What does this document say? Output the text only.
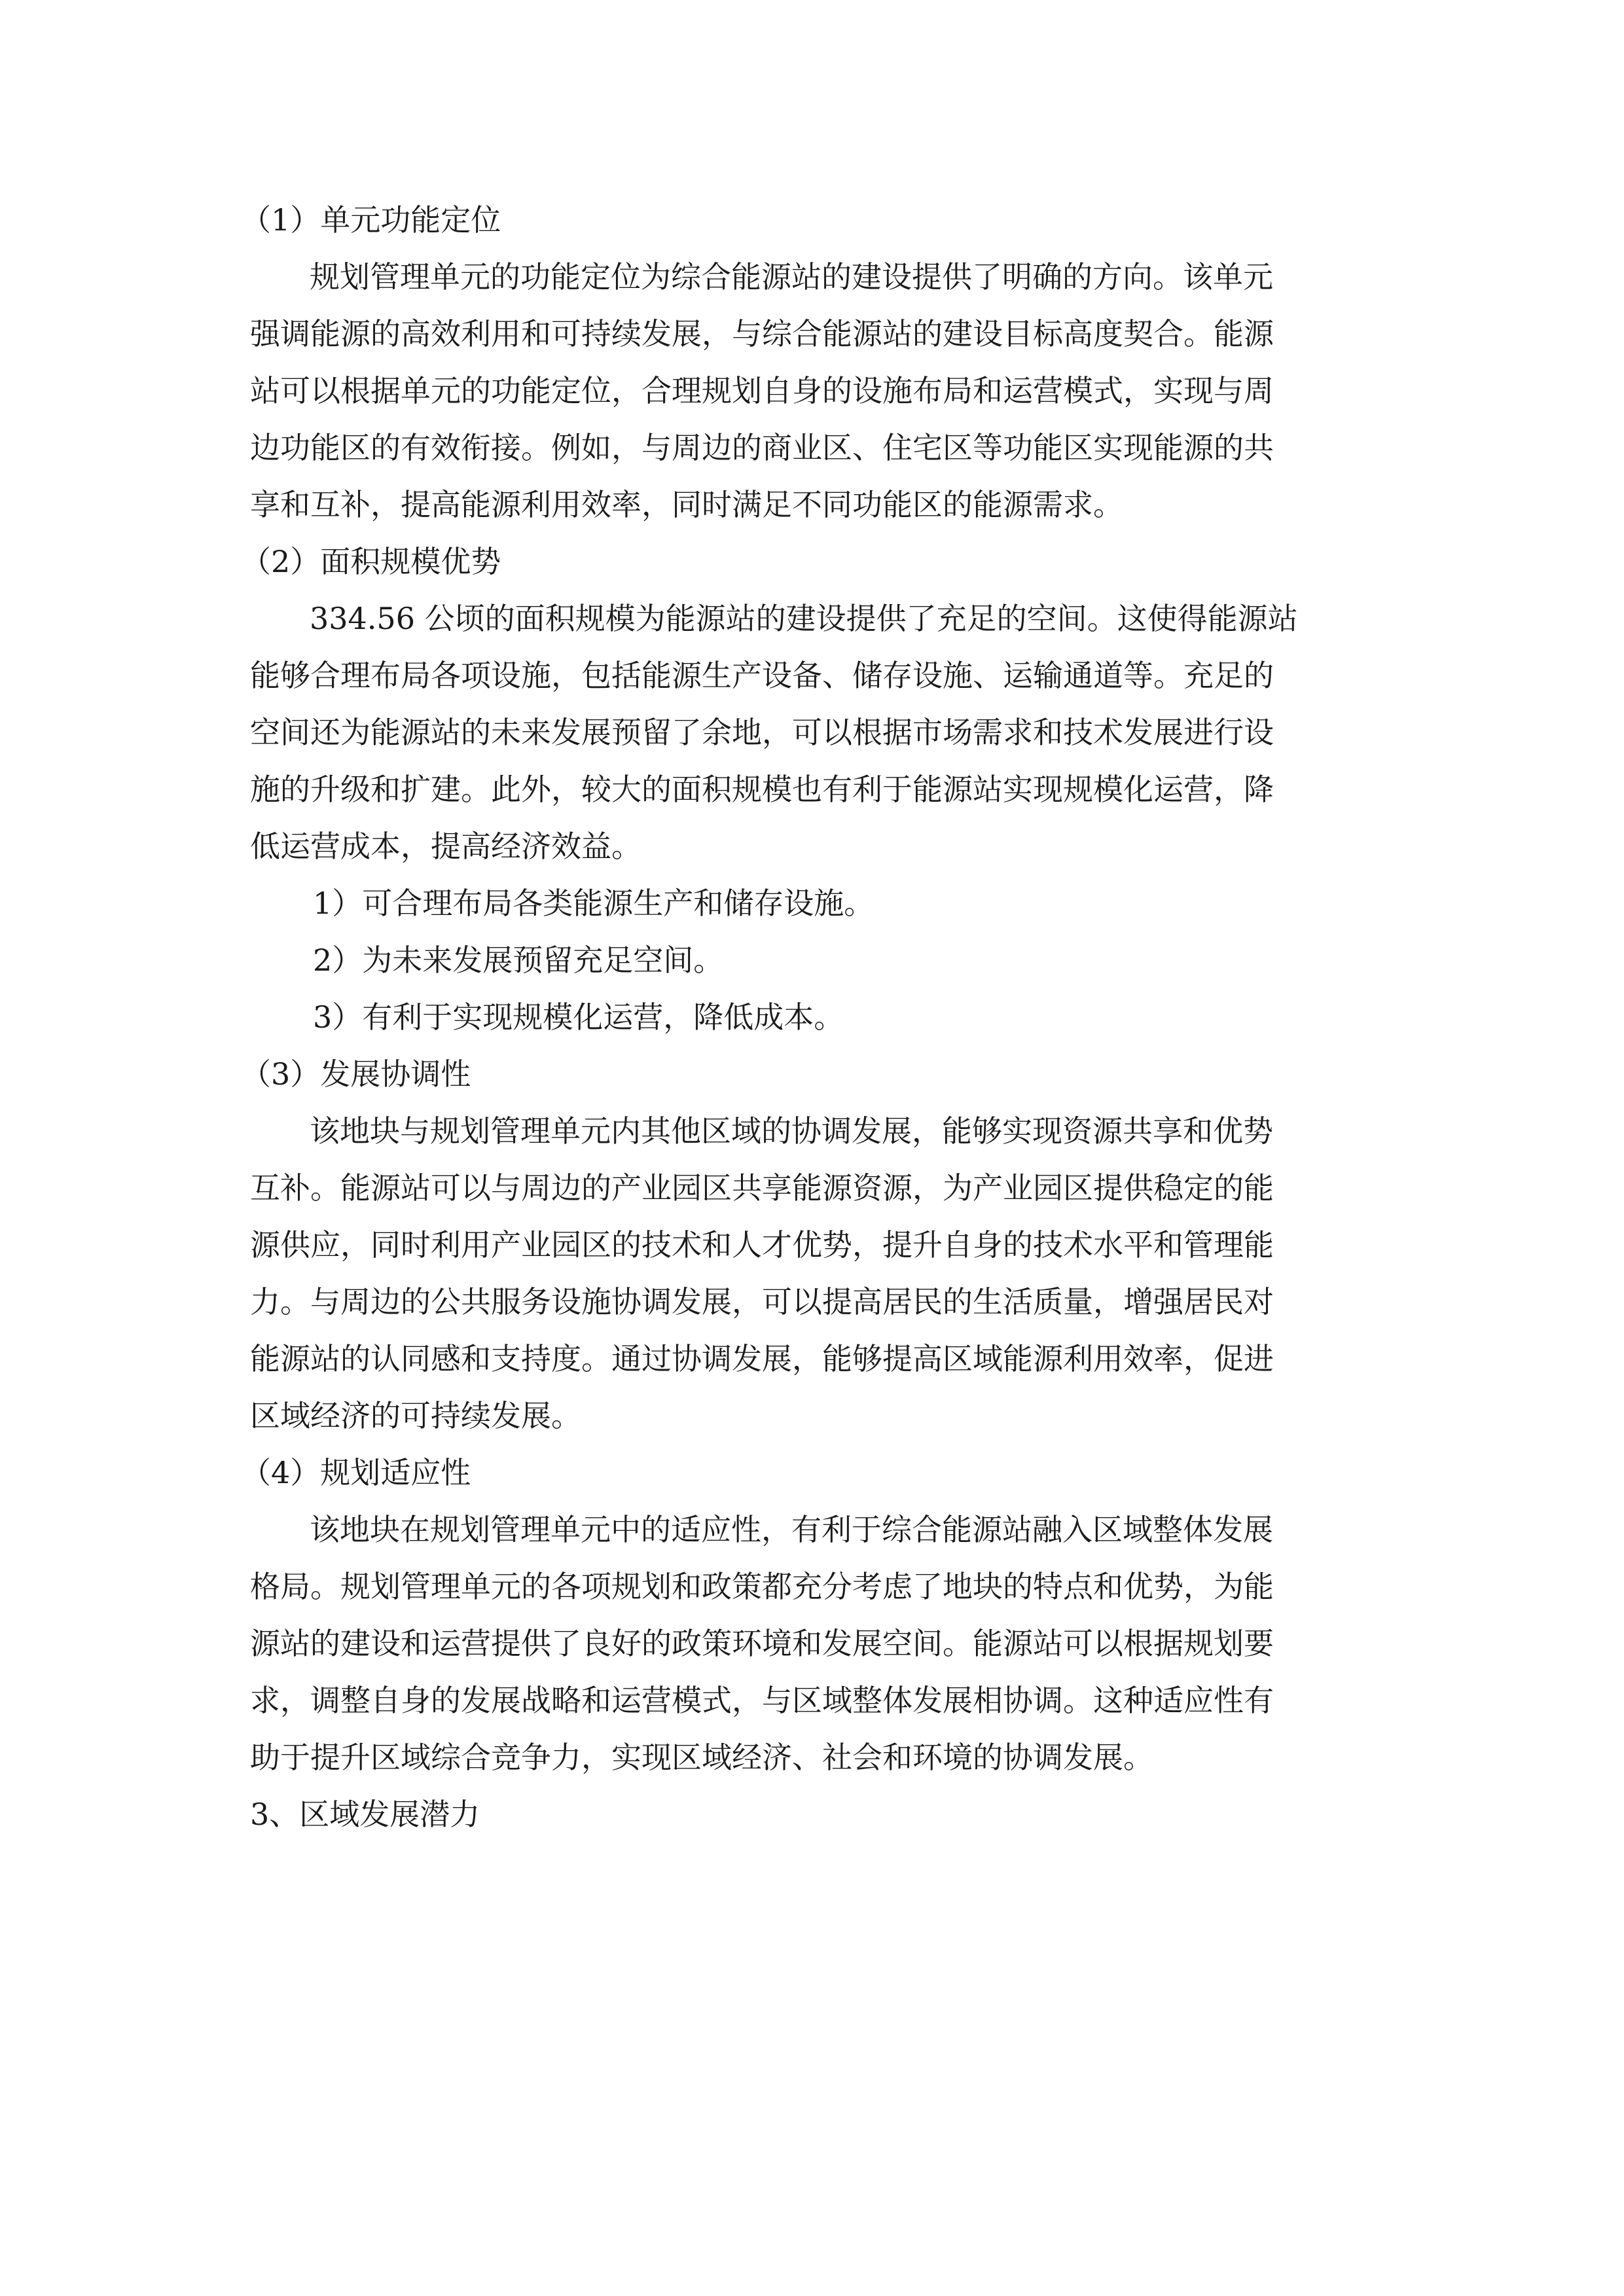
（1）单元功能定位

规划管理单元的功能定位为综合能源站的建设提供了明确的方向。该单元

强调能源的高效利用和可持续发展，与综合能源站的建设目标高度契合。能源

站可以根据单元的功能定位，合理规划自身的设施布局和运营模式，实现与周

边功能区的有效衔接。例如，与周边的商业区、住宅区等功能区实现能源的共

享和互补，提高能源利用效率，同时满足不同功能区的能源需求。

（2）面积规模优势

334.56 公顷的面积规模为能源站的建设提供了充足的空间。这使得能源站

能够合理布局各项设施，包括能源生产设备、储存设施、运输通道等。充足的

空间还为能源站的未来发展预留了余地，可以根据市场需求和技术发展进行设

施的升级和扩建。此外，较大的面积规模也有利于能源站实现规模化运营，降

低运营成本，提高经济效益。

1）可合理布局各类能源生产和储存设施。

2）为未来发展预留充足空间。

3）有利于实现规模化运营，降低成本。

（3）发展协调性

该地块与规划管理单元内其他区域的协调发展，能够实现资源共享和优势

互补。能源站可以与周边的产业园区共享能源资源，为产业园区提供稳定的能

源供应，同时利用产业园区的技术和人才优势，提升自身的技术水平和管理能

力。与周边的公共服务设施协调发展，可以提高居民的生活质量，增强居民对

能源站的认同感和支持度。通过协调发展，能够提高区域能源利用效率，促进

区域经济的可持续发展。

（4）规划适应性

该地块在规划管理单元中的适应性，有利于综合能源站融入区域整体发展

格局。规划管理单元的各项规划和政策都充分考虑了地块的特点和优势，为能

源站的建设和运营提供了良好的政策环境和发展空间。能源站可以根据规划要

求，调整自身的发展战略和运营模式，与区域整体发展相协调。这种适应性有

助于提升区域综合竞争力，实现区域经济、社会和环境的协调发展。

3、区域发展潜力
